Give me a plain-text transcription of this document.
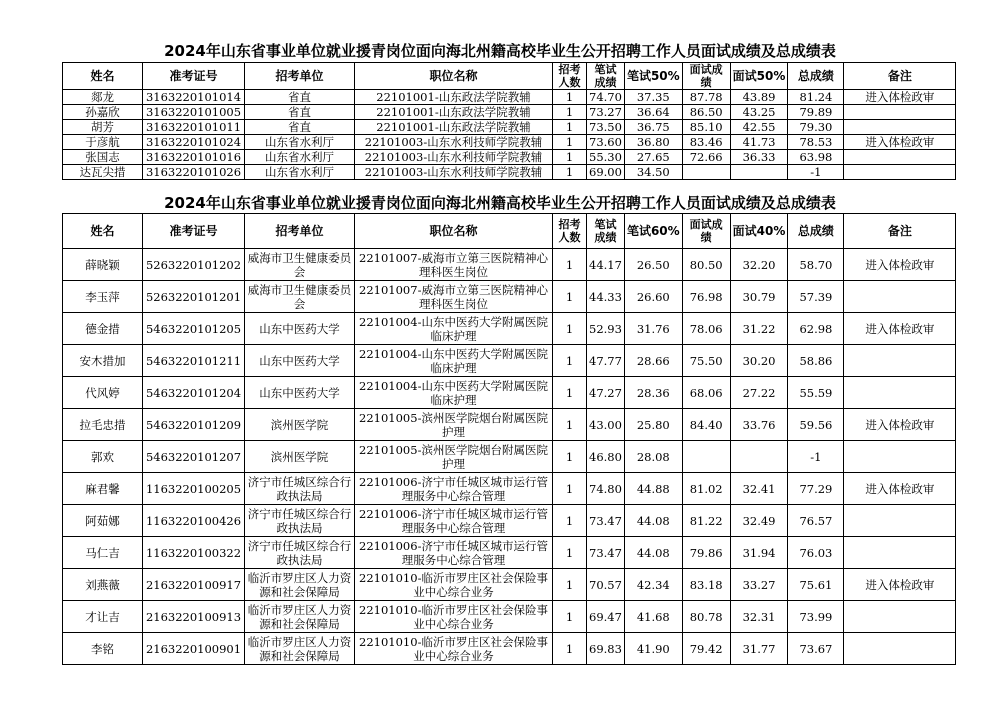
2024年山东省事业单位就业援青岗位面向海北州籍高校毕业生公开招聘工作人员面试成绩及总成绩表
姓名	准考证号	招考单位	职位名称	招考人数	笔试成绩	笔试50%	面试成绩	面试50%	总成绩	备注
郯龙	3163220101014	省直	22101001-山东政法学院教辅	1	74.70	37.35	87.78	43.89	81.24	进入体检政审
孙嘉欣	3163220101005	省直	22101001-山东政法学院教辅	1	73.27	36.64	86.50	43.25	79.89	
胡芳	3163220101011	省直	22101001-山东政法学院教辅	1	73.50	36.75	85.10	42.55	79.30	
于彦航	3163220101024	山东省水利厅	22101003-山东水利技师学院教辅	1	73.60	36.80	83.46	41.73	78.53	进入体检政审
张国志	3163220101016	山东省水利厅	22101003-山东水利技师学院教辅	1	55.30	27.65	72.66	36.33	63.98	
达瓦尖措	3163220101026	山东省水利厅	22101003-山东水利技师学院教辅	1	69.00	34.50			-1	
2024年山东省事业单位就业援青岗位面向海北州籍高校毕业生公开招聘工作人员面试成绩及总成绩表
姓名	准考证号	招考单位	职位名称	招考人数	笔试成绩	笔试60%	面试成绩	面试40%	总成绩	备注
薛晓颖	5263220101202	威海市卫生健康委员会	22101007-威海市立第三医院精神心理科医生岗位	1	44.17	26.50	80.50	32.20	58.70	进入体检政审
李玉萍	5263220101201	威海市卫生健康委员会	22101007-威海市立第三医院精神心理科医生岗位	1	44.33	26.60	76.98	30.79	57.39	
德金措	5463220101205	山东中医药大学	22101004-山东中医药大学附属医院临床护理	1	52.93	31.76	78.06	31.22	62.98	进入体检政审
安木措加	5463220101211	山东中医药大学	22101004-山东中医药大学附属医院临床护理	1	47.77	28.66	75.50	30.20	58.86	
代风婷	5463220101204	山东中医药大学	22101004-山东中医药大学附属医院临床护理	1	47.27	28.36	68.06	27.22	55.59	
拉毛忠措	5463220101209	滨州医学院	22101005-滨州医学院烟台附属医院护理	1	43.00	25.80	84.40	33.76	59.56	进入体检政审
郭欢	5463220101207	滨州医学院	22101005-滨州医学院烟台附属医院护理	1	46.80	28.08			-1	
麻君馨	1163220100205	济宁市任城区综合行政执法局	22101006-济宁市任城区城市运行管理服务中心综合管理	1	74.80	44.88	81.02	32.41	77.29	进入体检政审
阿茹娜	1163220100426	济宁市任城区综合行政执法局	22101006-济宁市任城区城市运行管理服务中心综合管理	1	73.47	44.08	81.22	32.49	76.57	
马仁吉	1163220100322	济宁市任城区综合行政执法局	22101006-济宁市任城区城市运行管理服务中心综合管理	1	73.47	44.08	79.86	31.94	76.03	
刘燕薇	2163220100917	临沂市罗庄区人力资源和社会保障局	22101010-临沂市罗庄区社会保险事业中心综合业务	1	70.57	42.34	83.18	33.27	75.61	进入体检政审
才让吉	2163220100913	临沂市罗庄区人力资源和社会保障局	22101010-临沂市罗庄区社会保险事业中心综合业务	1	69.47	41.68	80.78	32.31	73.99	
李铭	2163220100901	临沂市罗庄区人力资源和社会保障局	22101010-临沂市罗庄区社会保险事业中心综合业务	1	69.83	41.90	79.42	31.77	73.67	
